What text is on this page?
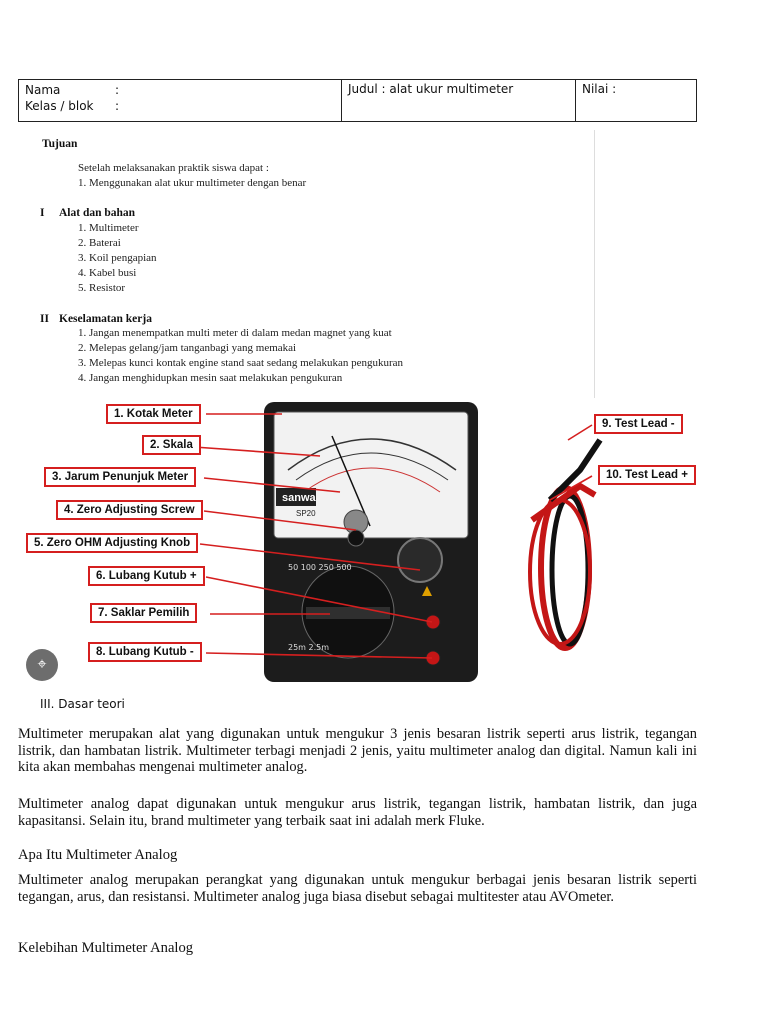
Nama	:
Kelas / blok	:
Judul : alat ukur multimeter	Nilai :
Tujuan
Setelah melaksanakan praktik siswa dapat :
1. Menggunakan alat ukur multimeter dengan benar
I Alat dan bahan
1. Multimeter
2. Baterai
3. Koil pengapian
4. Kabel busi
5. Resistor
II Keselamatan kerja
1. Jangan menempatkan multi meter di dalam medan magnet yang kuat
2. Melepas gelang/jam tanganbagi yang memakai
3. Melepas kunci kontak engine stand saat sedang melakukan pengukuran
4. Jangan menghidupkan mesin saat melakukan pengukuran
sanwa
SP20
50 100 250 500
25m 2.5m
1. Kotak Meter
2. Skala
3. Jarum Penunjuk Meter
4. Zero Adjusting Screw
5. Zero OHM Adjusting Knob
6. Lubang Kutub +
7. Saklar Pemilih
8. Lubang Kutub -
9. Test Lead -
10. Test Lead +
⌖
III. Dasar teori
Multimeter merupakan alat yang digunakan untuk mengukur 3 jenis besaran listrik seperti arus listrik, tegangan listrik, dan hambatan listrik. Multimeter terbagi menjadi 2 jenis, yaitu multimeter analog dan digital. Namun kali ini kita akan membahas mengenai multimeter analog.
Multimeter analog dapat digunakan untuk mengukur arus listrik, tegangan listrik, hambatan listrik, dan juga kapasitansi. Selain itu, brand multimeter yang terbaik saat ini adalah merk Fluke.
Apa Itu Multimeter Analog
Multimeter analog merupakan perangkat yang digunakan untuk mengukur berbagai jenis besaran listrik seperti tegangan, arus, dan resistansi. Multimeter analog juga biasa disebut sebagai multitester atau AVOmeter.
Kelebihan Multimeter Analog
